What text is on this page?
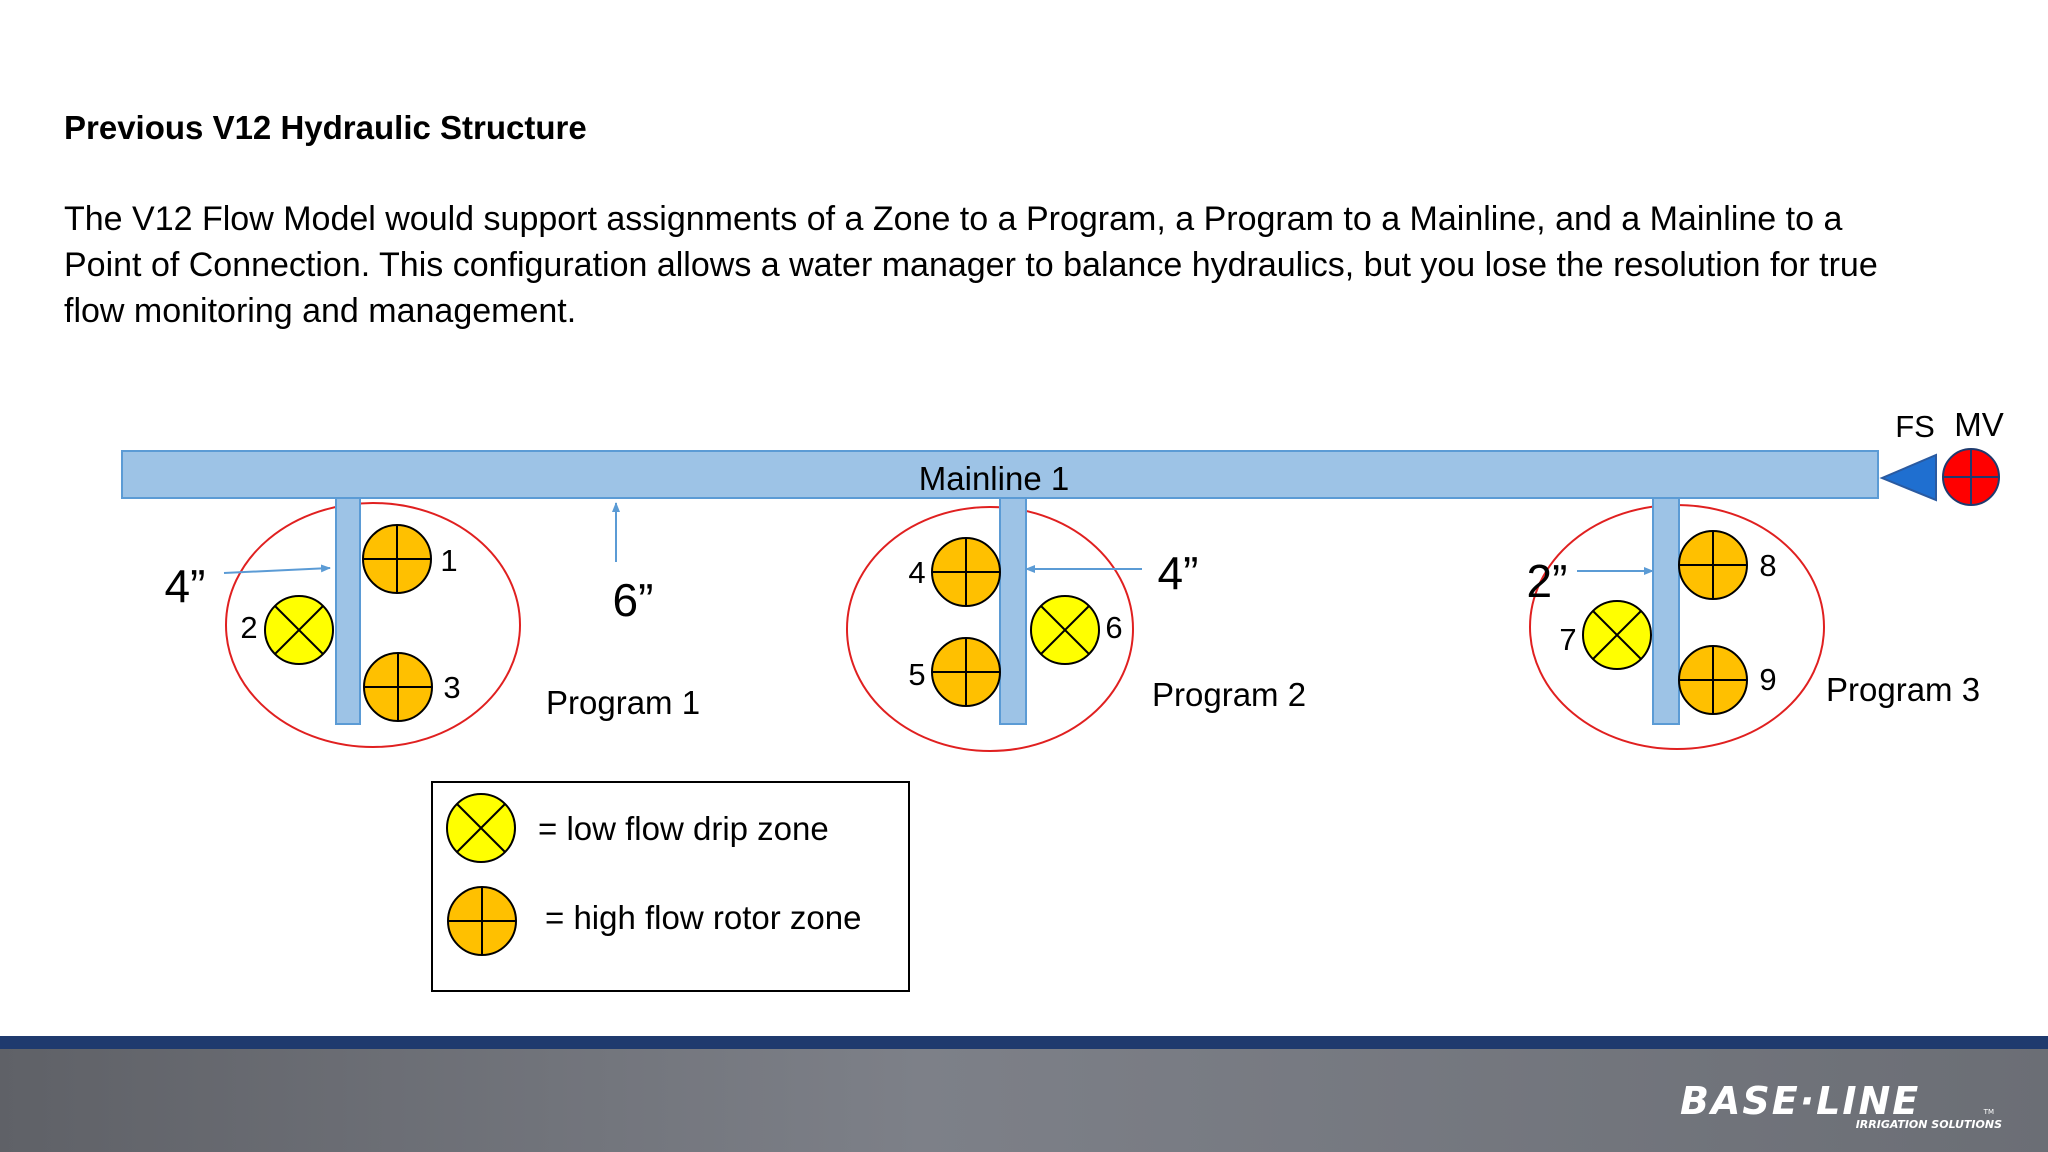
Previous V12 Hydraulic Structure
The V12 Flow Model would support assignments of a Zone to a Program, a Program to a Mainline, and a Mainline to a
Point of Connection. This configuration allows a water manager to balance hydraulics, but you lose the resolution for true
flow monitoring and management.
Mainline 1
FS MV
6”
4”	1
2
3	Program 1
4”
4
5
6
Program 2
2”
7
8
9 Program 3
= low flow drip zone
= high flow rotor zone
BASE·LINE	TM
IRRIGATION SOLUTIONS
